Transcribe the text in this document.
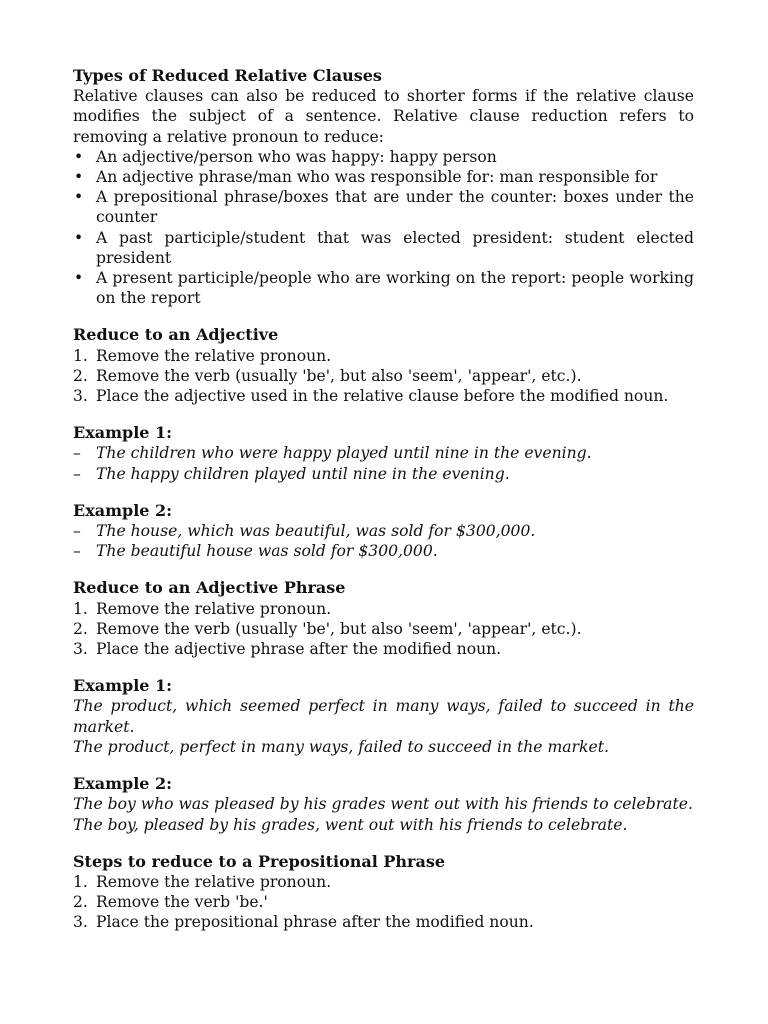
Types of Reduced Relative Clauses

Relative clauses can also be reduced to shorter forms if the relative clause modifies the subject of a sentence. Relative clause reduction refers to removing a relative pronoun to reduce:

• An adjective/person who was happy: happy person
• An adjective phrase/man who was responsible for: man responsible for
• A prepositional phrase/boxes that are under the counter: boxes under the counter
• A past participle/student that was elected president: student elected president
• A present participle/people who are working on the report: people working on the report

Reduce to an Adjective

1. Remove the relative pronoun.
2. Remove the verb (usually 'be', but also 'seem', 'appear', etc.).
3. Place the adjective used in the relative clause before the modified noun.

Example 1:

– The children who were happy played until nine in the evening.
– The happy children played until nine in the evening.

Example 2:

– The house, which was beautiful, was sold for $300,000.
– The beautiful house was sold for $300,000.

Reduce to an Adjective Phrase

1. Remove the relative pronoun.
2. Remove the verb (usually 'be', but also 'seem', 'appear', etc.).
3. Place the adjective phrase after the modified noun.

Example 1:

The product, which seemed perfect in many ways, failed to succeed in the market.

The product, perfect in many ways, failed to succeed in the market.

Example 2:

The boy who was pleased by his grades went out with his friends to celebrate.

The boy, pleased by his grades, went out with his friends to celebrate.

Steps to reduce to a Prepositional Phrase

1. Remove the relative pronoun.
2. Remove the verb 'be.'
3. Place the prepositional phrase after the modified noun.
